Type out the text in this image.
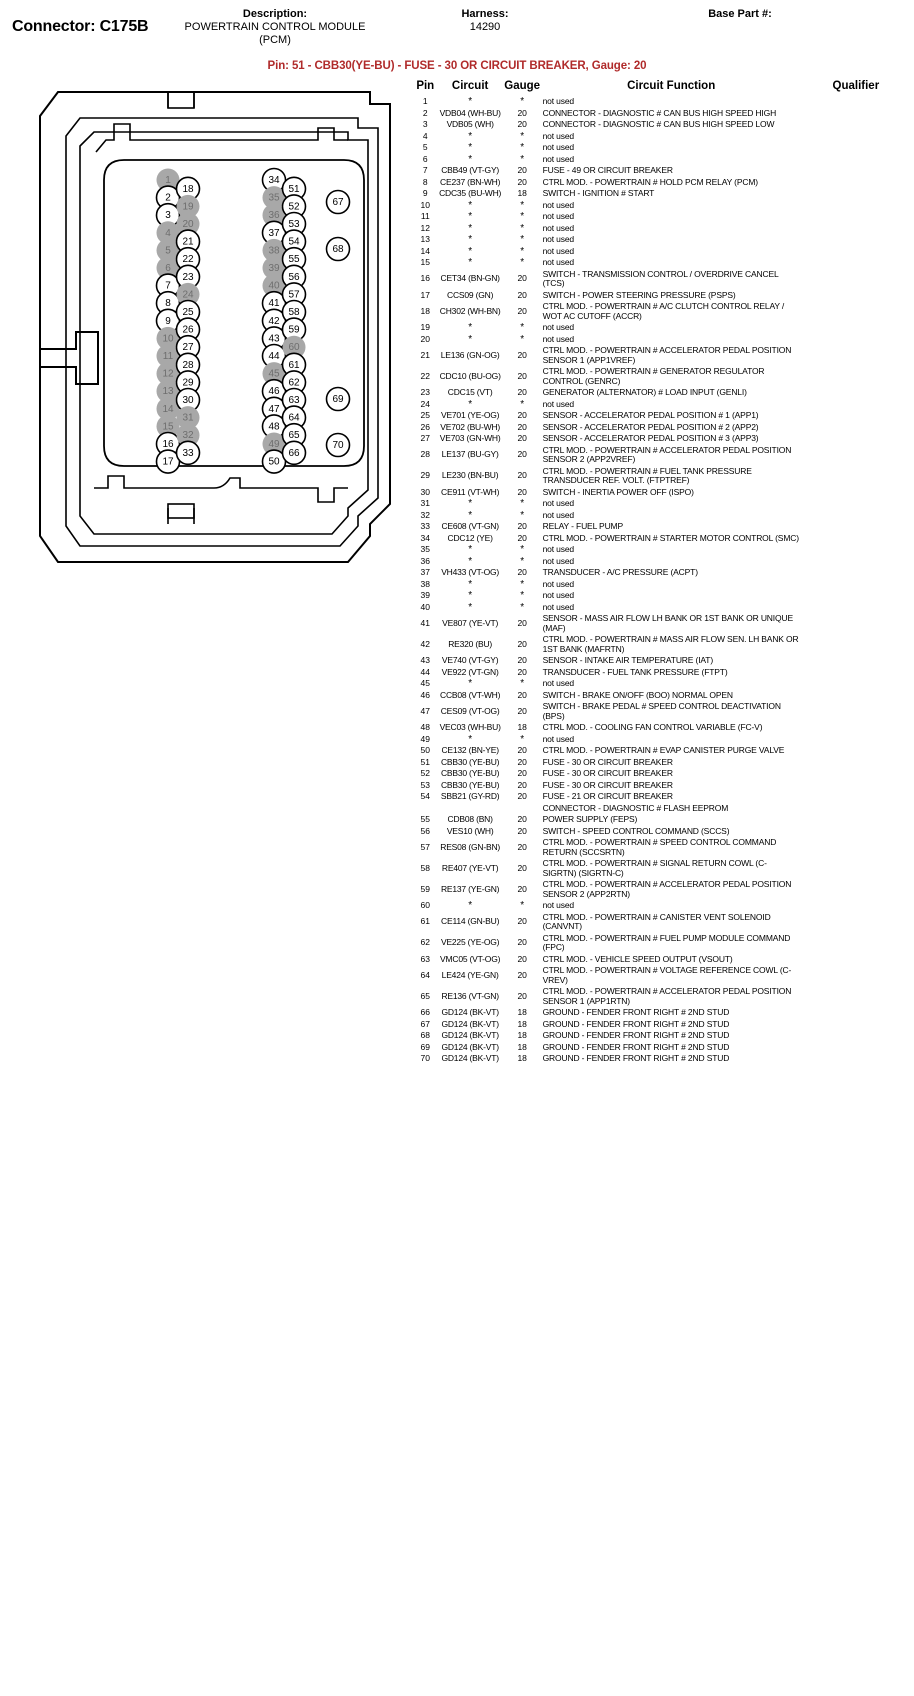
Connector: C175B
Description:
POWERTRAIN CONTROL MODULE
(PCM)
Harness:
14290
Base Part #:
Pin: 51 - CBB30(YE-BU) - FUSE - 30 OR CIRCUIT BREAKER, Gauge: 20
1
2
3
4
5
6
7
8
9
10
11
12
13
14
15
16
17
18
19
20
21
22
23
24
25
26
27
28
29
30
31
32
33
34
35
36
37
38
39
40
41
42
43
44
45
46
47
48
49
50
51
52
53
54
55
56
57
58
59
60
61
62
63
64
65
66
67
68
69
70
Pin	Circuit	Gauge	Circuit Function	Qualifier
1	*	*	not used	
2	VDB04 (WH-BU)	20	CONNECTOR - DIAGNOSTIC # CAN BUS HIGH SPEED HIGH	
3	VDB05 (WH)	20	CONNECTOR - DIAGNOSTIC # CAN BUS HIGH SPEED LOW	
4	*	*	not used	
5	*	*	not used	
6	*	*	not used	
7	CBB49 (VT-GY)	20	FUSE - 49 OR CIRCUIT BREAKER	
8	CE237 (BN-WH)	20	CTRL MOD. - POWERTRAIN # HOLD PCM RELAY (PCM)	
9	CDC35 (BU-WH)	18	SWITCH - IGNITION # START	
10	*	*	not used	
11	*	*	not used	
12	*	*	not used	
13	*	*	not used	
14	*	*	not used	
15	*	*	not used	
16	CET34 (BN-GN)	20	SWITCH - TRANSMISSION CONTROL / OVERDRIVE CANCEL (TCS)	
17	CCS09 (GN)	20	SWITCH - POWER STEERING PRESSURE (PSPS)	
18	CH302 (WH-BN)	20	CTRL MOD. - POWERTRAIN # A/C CLUTCH CONTROL RELAY / WOT AC CUTOFF (ACCR)	
19	*	*	not used	
20	*	*	not used	
21	LE136 (GN-OG)	20	CTRL MOD. - POWERTRAIN # ACCELERATOR PEDAL POSITION SENSOR 1 (APP1VREF)	
22	CDC10 (BU-OG)	20	CTRL MOD. - POWERTRAIN # GENERATOR REGULATOR CONTROL (GENRC)	
23	CDC15 (VT)	20	GENERATOR (ALTERNATOR) # LOAD INPUT (GENLI)	
24	*	*	not used	
25	VE701 (YE-OG)	20	SENSOR - ACCELERATOR PEDAL POSITION # 1 (APP1)	
26	VE702 (BU-WH)	20	SENSOR - ACCELERATOR PEDAL POSITION # 2 (APP2)	
27	VE703 (GN-WH)	20	SENSOR - ACCELERATOR PEDAL POSITION # 3 (APP3)	
28	LE137 (BU-GY)	20	CTRL MOD. - POWERTRAIN # ACCELERATOR PEDAL POSITION SENSOR 2 (APP2VREF)	
29	LE230 (BN-BU)	20	CTRL MOD. - POWERTRAIN # FUEL TANK PRESSURE TRANSDUCER REF. VOLT. (FTPTREF)	
30	CE911 (VT-WH)	20	SWITCH - INERTIA POWER OFF (ISPO)	
31	*	*	not used	
32	*	*	not used	
33	CE608 (VT-GN)	20	RELAY - FUEL PUMP	
34	CDC12 (YE)	20	CTRL MOD. - POWERTRAIN # STARTER MOTOR CONTROL (SMC)	
35	*	*	not used	
36	*	*	not used	
37	VH433 (VT-OG)	20	TRANSDUCER - A/C PRESSURE (ACPT)	
38	*	*	not used	
39	*	*	not used	
40	*	*	not used	
41	VE807 (YE-VT)	20	SENSOR - MASS AIR FLOW LH BANK OR 1ST BANK OR UNIQUE (MAF)	
42	RE320 (BU)	20	CTRL MOD. - POWERTRAIN # MASS AIR FLOW SEN. LH BANK OR 1ST BANK (MAFRTN)	
43	VE740 (VT-GY)	20	SENSOR - INTAKE AIR TEMPERATURE (IAT)	
44	VE922 (VT-GN)	20	TRANSDUCER - FUEL TANK PRESSURE (FTPT)	
45	*	*	not used	
46	CCB08 (VT-WH)	20	SWITCH - BRAKE ON/OFF (BOO) NORMAL OPEN	
47	CES09 (VT-OG)	20	SWITCH - BRAKE PEDAL # SPEED CONTROL DEACTIVATION (BPS)	
48	VEC03 (WH-BU)	18	CTRL MOD. - COOLING FAN CONTROL VARIABLE (FC-V)	
49	*	*	not used	
50	CE132 (BN-YE)	20	CTRL MOD. - POWERTRAIN # EVAP CANISTER PURGE VALVE	
51	CBB30 (YE-BU)	20	FUSE - 30 OR CIRCUIT BREAKER	
52	CBB30 (YE-BU)	20	FUSE - 30 OR CIRCUIT BREAKER	
53	CBB30 (YE-BU)	20	FUSE - 30 OR CIRCUIT BREAKER	
54	SBB21 (GY-RD)	20	FUSE - 21 OR CIRCUIT BREAKER	
			CONNECTOR - DIAGNOSTIC # FLASH EEPROM	
55	CDB08 (BN)	20	POWER SUPPLY (FEPS)	
56	VES10 (WH)	20	SWITCH - SPEED CONTROL COMMAND (SCCS)	
57	RES08 (GN-BN)	20	CTRL MOD. - POWERTRAIN # SPEED CONTROL COMMAND RETURN (SCCSRTN)	
58	RE407 (YE-VT)	20	CTRL MOD. - POWERTRAIN # SIGNAL RETURN COWL (C-SIGRTN) (SIGRTN-C)	
59	RE137 (YE-GN)	20	CTRL MOD. - POWERTRAIN # ACCELERATOR PEDAL POSITION SENSOR 2 (APP2RTN)	
60	*	*	not used	
61	CE114 (GN-BU)	20	CTRL MOD. - POWERTRAIN # CANISTER VENT SOLENOID (CANVNT)	
62	VE225 (YE-OG)	20	CTRL MOD. - POWERTRAIN # FUEL PUMP MODULE COMMAND (FPC)	
63	VMC05 (VT-OG)	20	CTRL MOD. - VEHICLE SPEED OUTPUT (VSOUT)	
64	LE424 (YE-GN)	20	CTRL MOD. - POWERTRAIN # VOLTAGE REFERENCE COWL (C-VREV)	
65	RE136 (VT-GN)	20	CTRL MOD. - POWERTRAIN # ACCELERATOR PEDAL POSITION SENSOR 1 (APP1RTN)	
66	GD124 (BK-VT)	18	GROUND - FENDER FRONT RIGHT # 2ND STUD	
67	GD124 (BK-VT)	18	GROUND - FENDER FRONT RIGHT # 2ND STUD	
68	GD124 (BK-VT)	18	GROUND - FENDER FRONT RIGHT # 2ND STUD	
69	GD124 (BK-VT)	18	GROUND - FENDER FRONT RIGHT # 2ND STUD	
70	GD124 (BK-VT)	18	GROUND - FENDER FRONT RIGHT # 2ND STUD	
